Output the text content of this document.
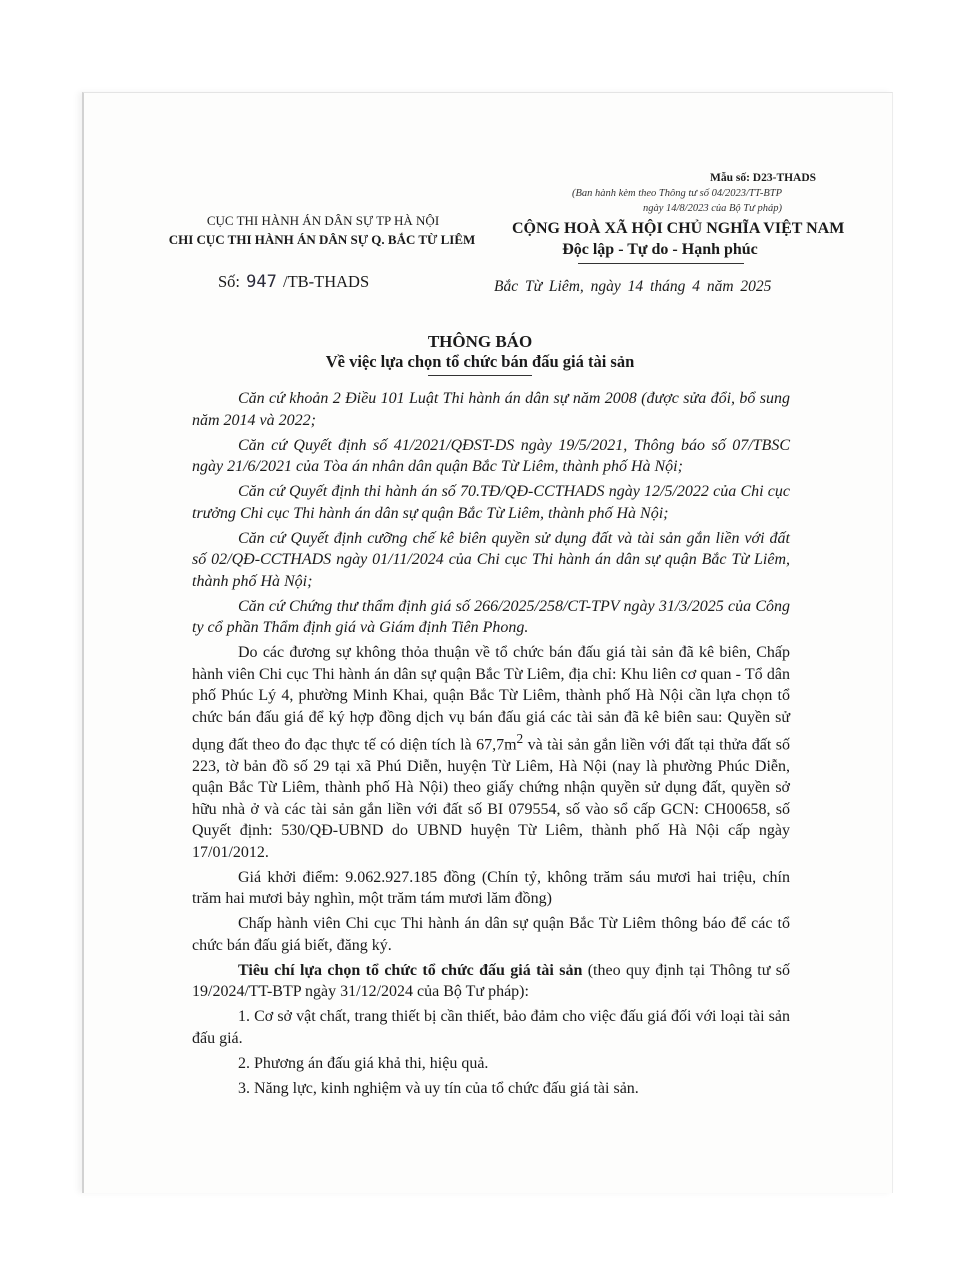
Mẫu số: D23-THADS
(Ban hành kèm theo Thông tư số 04/2023/TT-BTP
ngày 14/8/2023 của Bộ Tư pháp)
CỤC THI HÀNH ÁN DÂN SỰ TP HÀ NỘI
CHI CỤC THI HÀNH ÁN DÂN SỰ Q. BẮC TỪ LIÊM
CỘNG HOÀ XÃ HỘI CHỦ NGHĨA VIỆT NAM
Độc lập - Tự do - Hạnh phúc
Số: 947 /TB-THADS	Bắc Từ Liêm, ngày 14 tháng 4 năm 2025
THÔNG BÁO
Về việc lựa chọn tổ chức bán đấu giá tài sản

Căn cứ khoản 2 Điều 101 Luật Thi hành án dân sự năm 2008 (được sửa đổi, bổ sung năm 2014 và 2022;

Căn cứ Quyết định số 41/2021/QĐST-DS ngày 19/5/2021, Thông báo số 07/TBSC ngày 21/6/2021 của Tòa án nhân dân quận Bắc Từ Liêm, thành phố Hà Nội;

Căn cứ Quyết định thi hành án số 70.TĐ/QĐ-CCTHADS ngày 12/5/2022 của Chi cục trưởng Chi cục Thi hành án dân sự quận Bắc Từ Liêm, thành phố Hà Nội;

Căn cứ Quyết định cưỡng chế kê biên quyền sử dụng đất và tài sản gắn liền với đất số 02/QĐ-CCTHADS ngày 01/11/2024 của Chi cục Thi hành án dân sự quận Bắc Từ Liêm, thành phố Hà Nội;

Căn cứ Chứng thư thẩm định giá số 266/2025/258/CT-TPV ngày 31/3/2025 của Công ty cổ phần Thẩm định giá và Giám định Tiên Phong.

Do các đương sự không thỏa thuận về tổ chức bán đấu giá tài sản đã kê biên, Chấp hành viên Chi cục Thi hành án dân sự quận Bắc Từ Liêm, địa chỉ: Khu liên cơ quan - Tổ dân phố Phúc Lý 4, phường Minh Khai, quận Bắc Từ Liêm, thành phố Hà Nội cần lựa chọn tổ chức bán đấu giá để ký hợp đồng dịch vụ bán đấu giá các tài sản đã kê biên sau: Quyền sử dụng đất theo đo đạc thực tế có diện tích là $67,7m^2$ và tài sản gắn liền với đất tại thửa đất số 223, tờ bản đồ số 29 tại xã Phú Diễn, huyện Từ Liêm, Hà Nội (nay là phường Phúc Diễn, quận Bắc Từ Liêm, thành phố Hà Nội) theo giấy chứng nhận quyền sử dụng đất, quyền sở hữu nhà ở và các tài sản gắn liền với đất số BI 079554, số vào sổ cấp GCN: CH00658, số Quyết định: 530/QĐ-UBND do UBND huyện Từ Liêm, thành phố Hà Nội cấp ngày 17/01/2012.

Giá khởi điểm: 9.062.927.185 đồng (Chín tỷ, không trăm sáu mươi hai triệu, chín trăm hai mươi bảy nghìn, một trăm tám mươi lăm đồng)

Chấp hành viên Chi cục Thi hành án dân sự quận Bắc Từ Liêm thông báo để các tổ chức bán đấu giá biết, đăng ký.

Tiêu chí lựa chọn tổ chức tổ chức đấu giá tài sản (theo quy định tại Thông tư số 19/2024/TT-BTP ngày 31/12/2024 của Bộ Tư pháp):

1. Cơ sở vật chất, trang thiết bị cần thiết, bảo đảm cho việc đấu giá đối với loại tài sản đấu giá.
2. Phương án đấu giá khả thi, hiệu quả.
3. Năng lực, kinh nghiệm và uy tín của tổ chức đấu giá tài sản.
